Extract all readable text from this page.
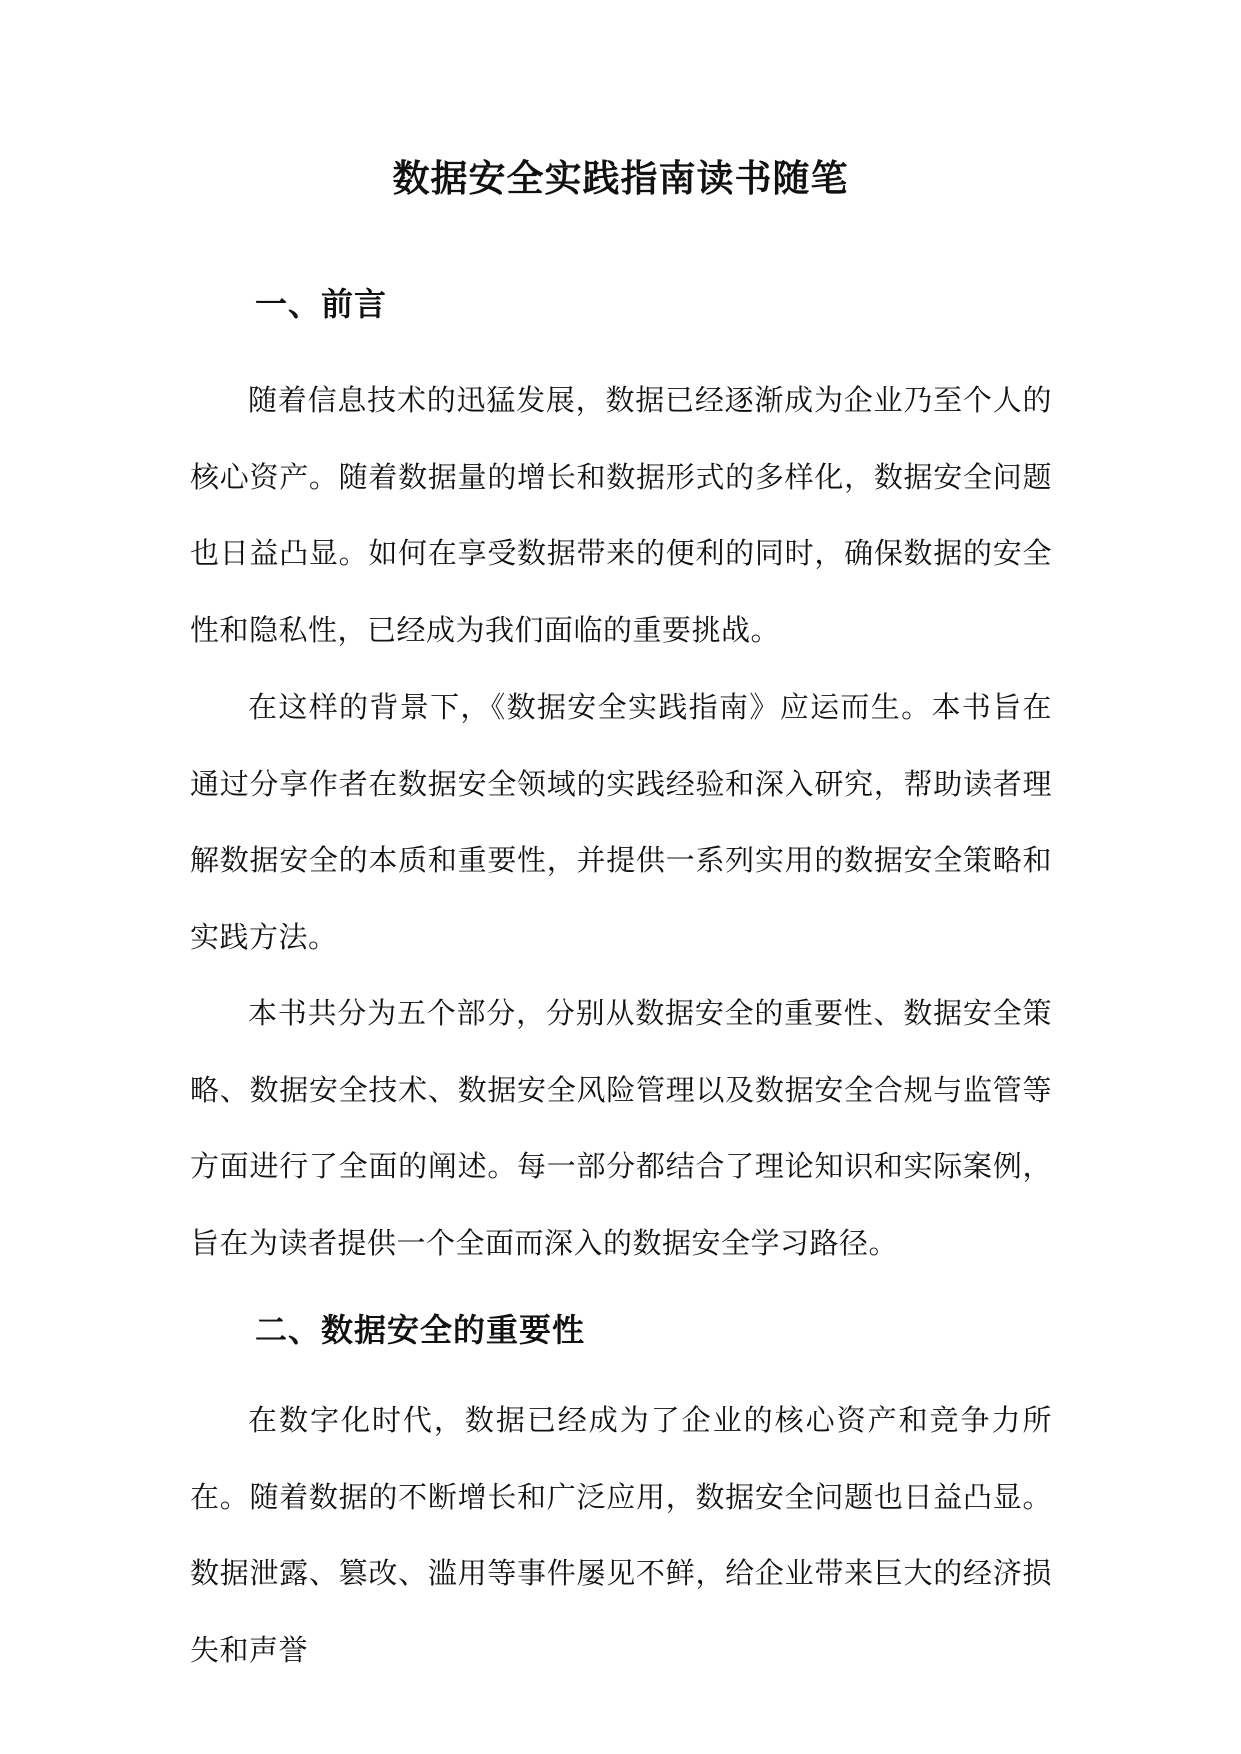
数据安全实践指南读书随笔
一、前言

随着信息技术的迅猛发展，数据已经逐渐成为企业乃至个人的核心资产。随着数据量的增长和数据形式的多样化，数据安全问题也日益凸显。如何在享受数据带来的便利的同时，确保数据的安全性和隐私性，已经成为我们面临的重要挑战。

在这样的背景下，《数据安全实践指南》应运而生。本书旨在通过分享作者在数据安全领域的实践经验和深入研究，帮助读者理解数据安全的本质和重要性，并提供一系列实用的数据安全策略和实践方法。

本书共分为五个部分，分别从数据安全的重要性、数据安全策略、数据安全技术、数据安全风险管理以及数据安全合规与监管等方面进行了全面的阐述。每一部分都结合了理论知识和实际案例，旨在为读者提供一个全面而深入的数据安全学习路径。

二、数据安全的重要性

在数字化时代，数据已经成为了企业的核心资产和竞争力所在。随着数据的不断增长和广泛应用，数据安全问题也日益凸显。数据泄露、篡改、滥用等事件屡见不鲜，给企业带来巨大的经济损失和声誉
